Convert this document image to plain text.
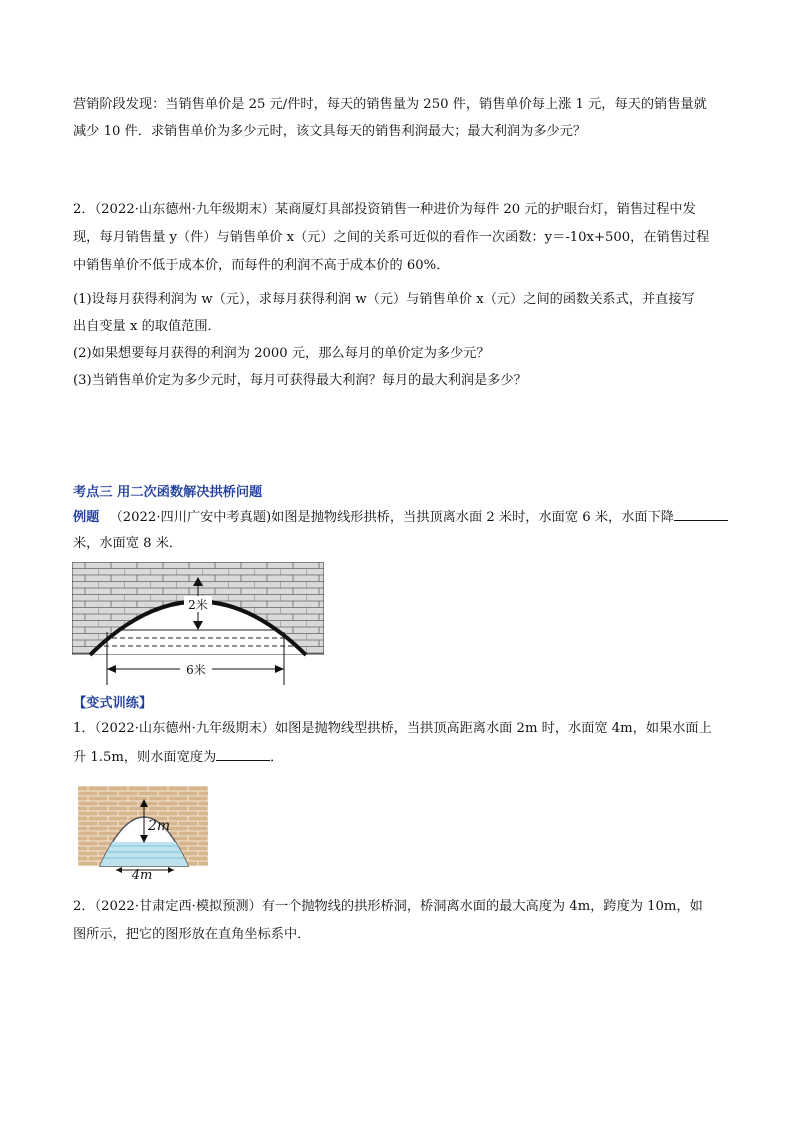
营销阶段发现：当销售单价是 25 元/件时，每天的销售量为 250 件，销售单价每上涨 1 元，每天的销售量就
减少 10 件．求销售单价为多少元时，该文具每天的销售利润最大；最大利润为多少元？
2．（2022·山东德州·九年级期末）某商厦灯具部投资销售一种进价为每件 20 元的护眼台灯，销售过程中发
现，每月销售量 y（件）与销售单价 x（元）之间的关系可近似的看作一次函数：y＝-10x+500，在销售过程
中销售单价不低于成本价，而每件的利润不高于成本价的 60%．
(1)设每月获得利润为 w（元），求每月获得利润 w（元）与销售单价 x（元）之间的函数关系式，并直接写
出自变量 x 的取值范围．
(2)如果想要每月获得的利润为 2000 元，那么每月的单价定为多少元？
(3)当销售单价定为多少元时，每月可获得最大利润？每月的最大利润是多少？
考点三 用二次函数解决拱桥问题
例题 （2022·四川广安中考真题)如图是抛物线形拱桥，当拱顶离水面 2 米时，水面宽 6 米，水面下降
米，水面宽 8 米．
2米
6米
【变式训练】
1．（2022·山东德州·九年级期末）如图是抛物线型拱桥，当拱顶高距离水面 2m 时，水面宽 4m，如果水面上
升 1.5m，则水面宽度为	．
2m
4m
2．（2022·甘肃定西·模拟预测）有一个抛物线的拱形桥洞，桥洞离水面的最大高度为 4m，跨度为 10m，如
图所示，把它的图形放在直角坐标系中．
